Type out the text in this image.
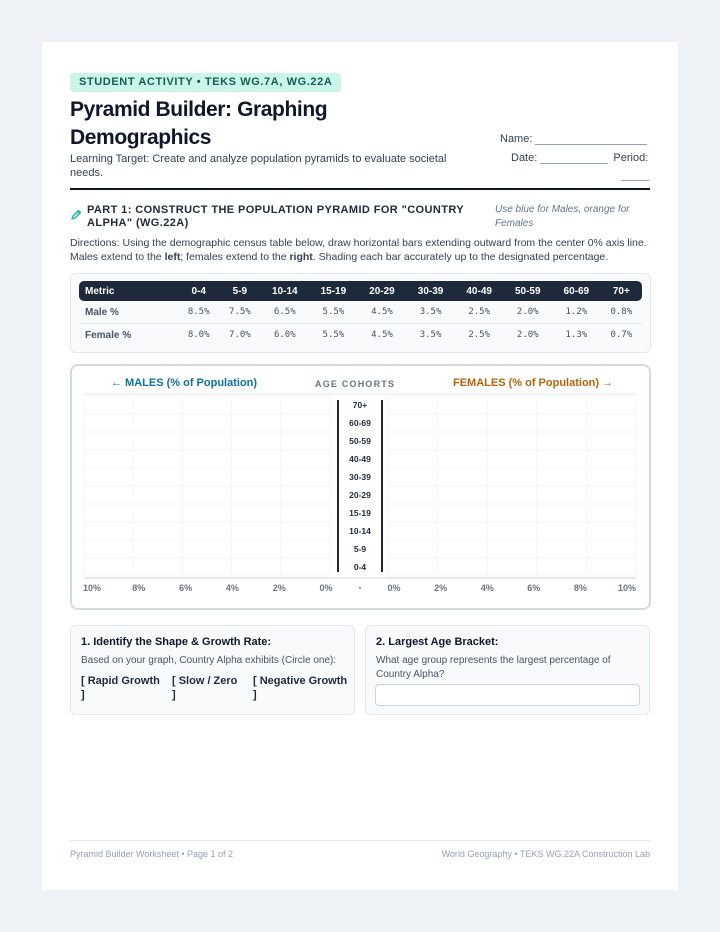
STUDENT ACTIVITY • TEKS WG.7A, WG.22A
Pyramid Builder: Graphing Demographics
Learning Target: Create and analyze population pyramids to evaluate societal needs.
Name:
Date:	Period:
PART 1: CONSTRUCT THE POPULATION PYRAMID FOR "COUNTRY ALPHA" (WG.22A)
Use blue for Males, orange for Females
Directions: Using the demographic census table below, draw horizontal bars extending outward from the center 0% axis line. Males extend to the left; females extend to the right. Shading each bar accurately up to the designated percentage.
Metric	0-4	5-9	10-14	15-19	20-29	30-39	40-49	50-59	60-69	70+
Male %	8.5%	7.5%	6.5%	5.5%	4.5%	3.5%	2.5%	2.0%	1.2%	0.8%
Female %	8.0%	7.0%	6.0%	5.5%	4.5%	3.5%	2.5%	2.0%	1.3%	0.7%
← MALES (% of Population)	AGE COHORTS	FEMALES (% of Population) →
70+
60-69
50-59
40-49
30-39
20-29
15-19
10-14
5-9
0-4
10%	8%	6%	4%	2%	0%	•	0%	2%	4%	6%	8%	10%
1. Identify the Shape & Growth Rate:
Based on your graph, Country Alpha exhibits (Circle one):
[ Rapid Growth ]
[ Slow / Zero ]
[ Negative Growth ]
2. Largest Age Bracket:
What age group represents the largest percentage of Country Alpha?
Pyramid Builder Worksheet • Page 1 of 2	World Geography • TEKS WG.22A Construction Lab
